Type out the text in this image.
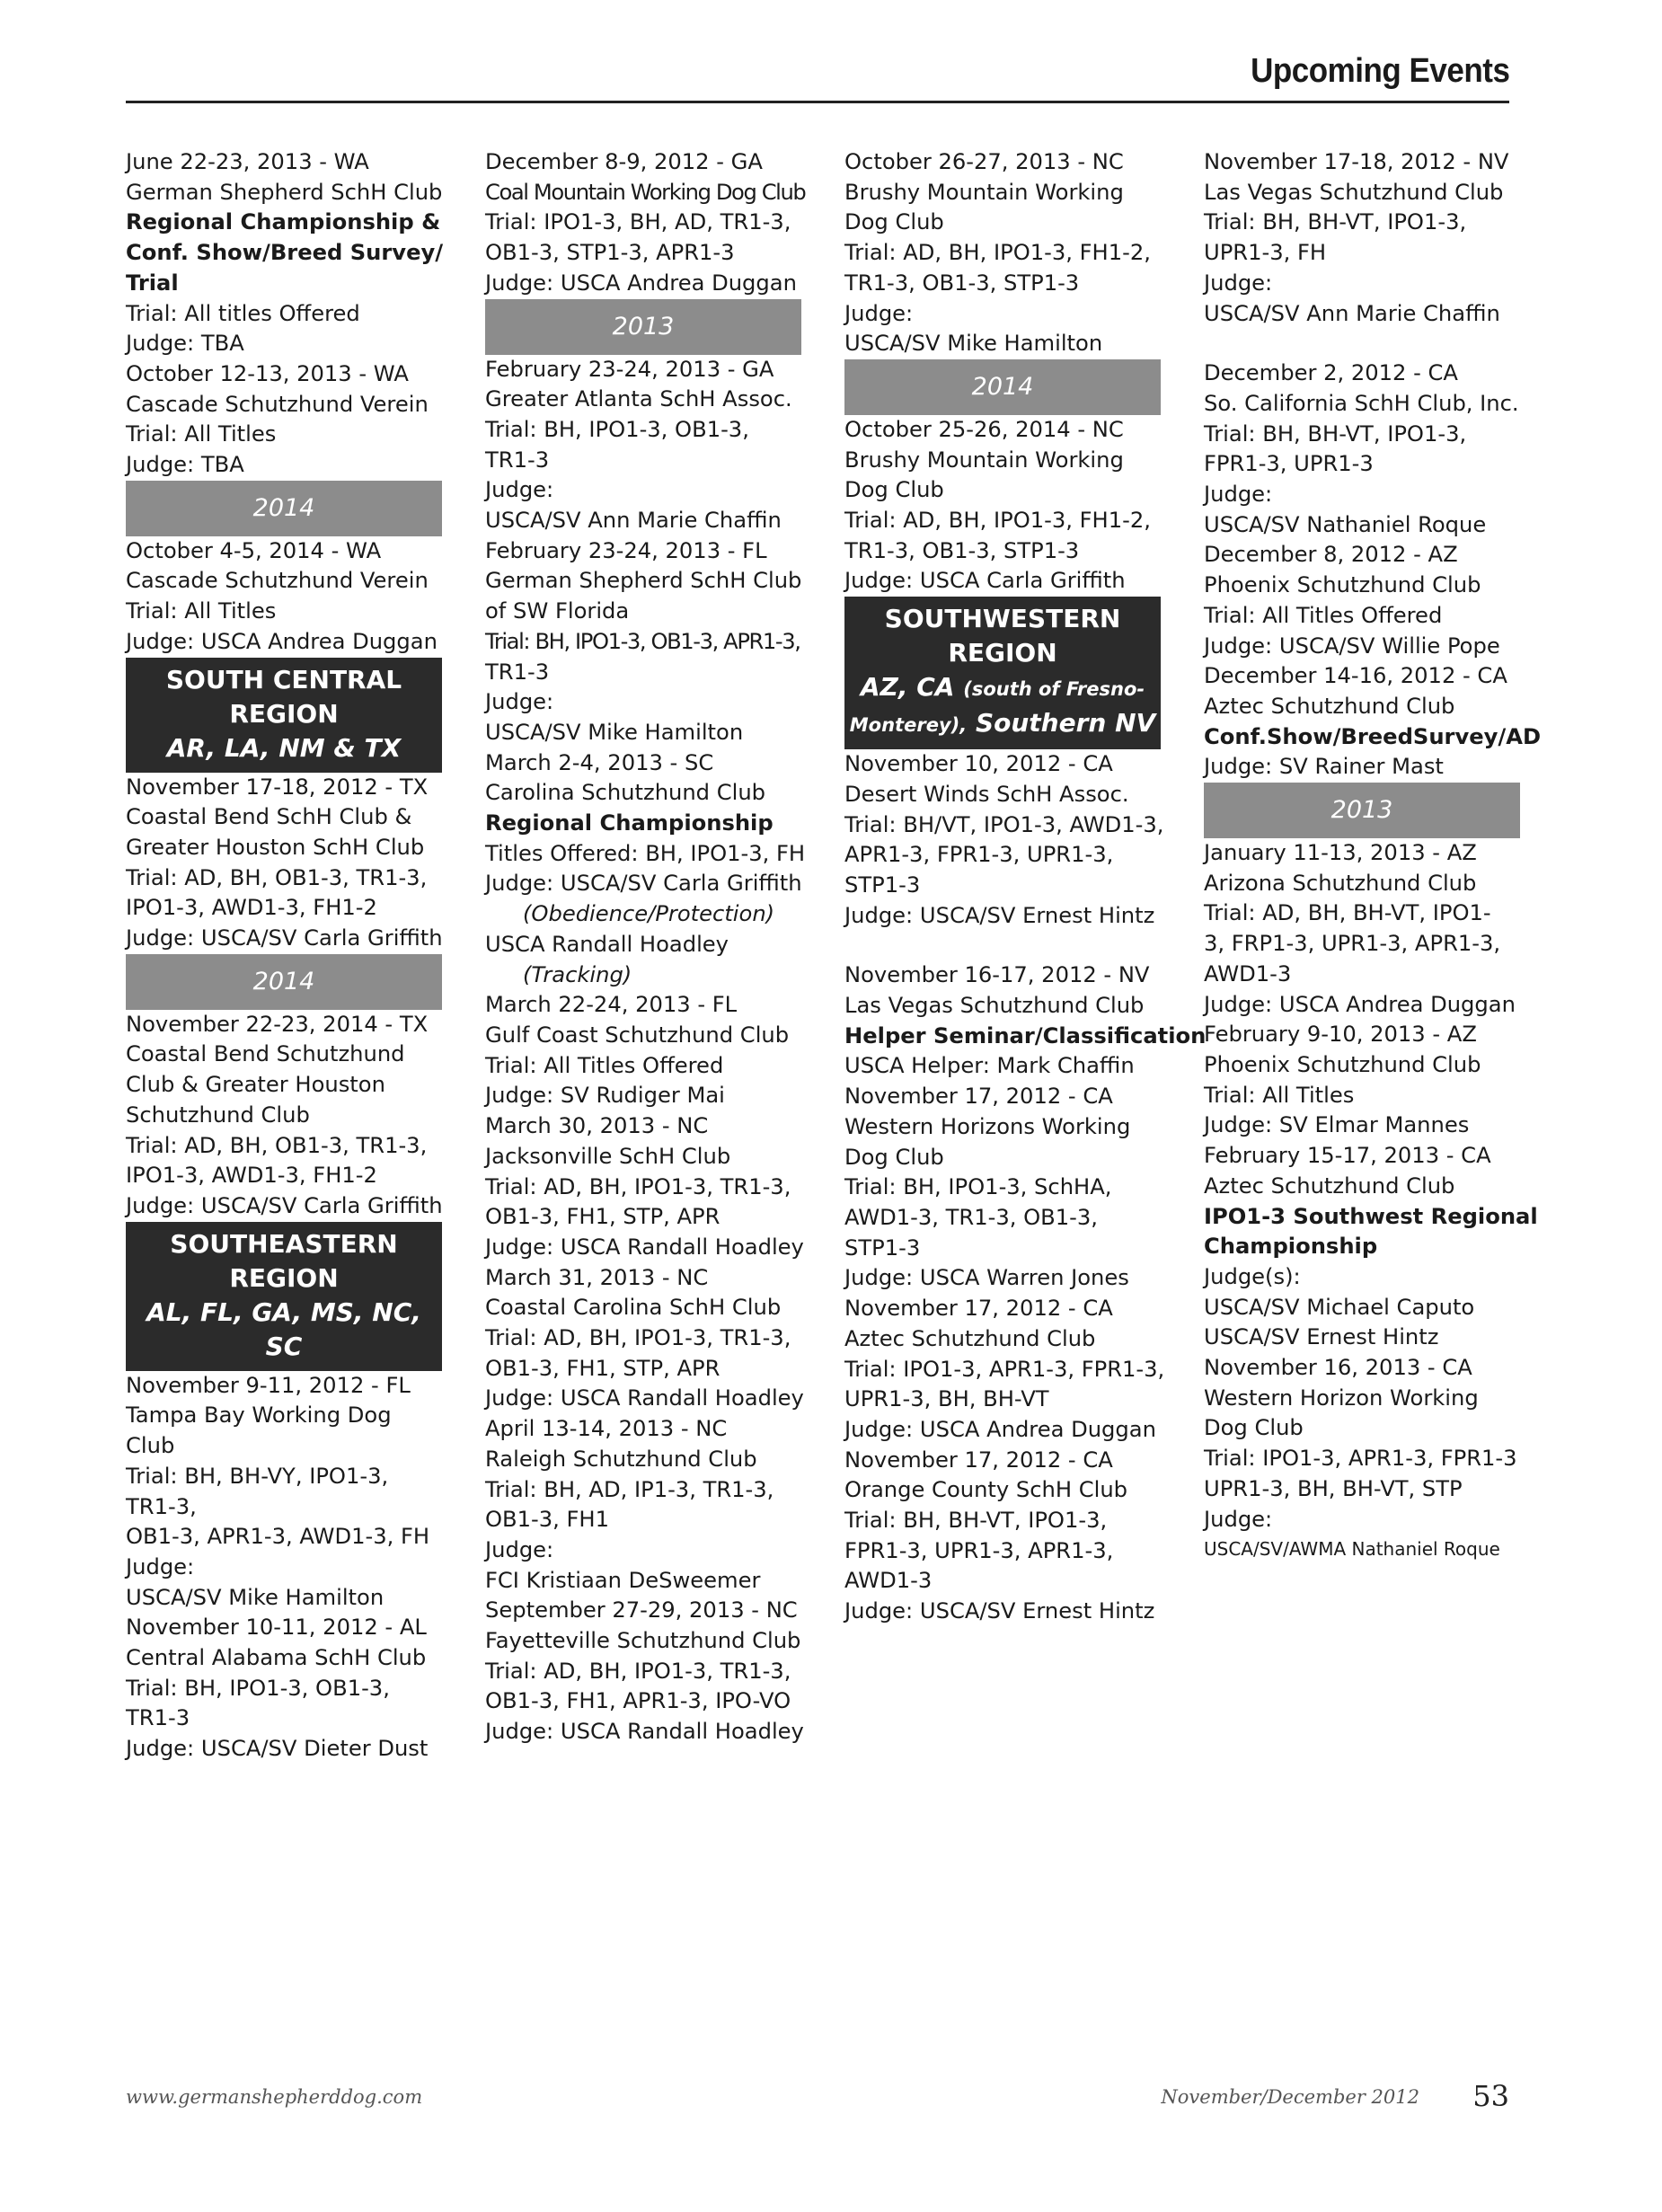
Upcoming Events
June 22-23, 2013 - WA
German Shepherd SchH Club
Regional Championship &
Conf. Show/Breed Survey/
Trial
Trial: All titles Offered
Judge: TBA
October 12-13, 2013 - WA
Cascade Schutzhund Verein
Trial: All Titles
Judge: TBA
2014
October 4-5, 2014 - WA
Cascade Schutzhund Verein
Trial: All Titles
Judge: USCA Andrea Duggan
SOUTH CENTRAL
REGION
AR, LA, NM & TX
November 17-18, 2012 - TX
Coastal Bend SchH Club &
Greater Houston SchH Club
Trial: AD, BH, OB1-3, TR1-3,
IPO1-3, AWD1-3, FH1-2
Judge: USCA/SV Carla Griffith
2014
November 22-23, 2014 - TX
Coastal Bend Schutzhund
Club & Greater Houston
Schutzhund Club
Trial: AD, BH, OB1-3, TR1-3,
IPO1-3, AWD1-3, FH1-2
Judge: USCA/SV Carla Griffith
SOUTHEASTERN
REGION
AL, FL, GA, MS, NC, SC
November 9-11, 2012 - FL
Tampa Bay Working Dog
Club
Trial: BH, BH-VY, IPO1-3,
TR1-3,
OB1-3, APR1-3, AWD1-3, FH
Judge:
USCA/SV Mike Hamilton
November 10-11, 2012 - AL
Central Alabama SchH Club
Trial: BH, IPO1-3, OB1-3,
TR1-3
Judge: USCA/SV Dieter Dust
December 8-9, 2012 - GA
Coal Mountain Working Dog Club
Trial: IPO1-3, BH, AD, TR1-3,
OB1-3, STP1-3, APR1-3
Judge: USCA Andrea Duggan
2013
February 23-24, 2013 - GA
Greater Atlanta SchH Assoc.
Trial: BH, IPO1-3, OB1-3,
TR1-3
Judge:
USCA/SV Ann Marie Chaffin
February 23-24, 2013 - FL
German Shepherd SchH Club
of SW Florida
Trial: BH, IPO1-3, OB1-3, APR1-3,
TR1-3
Judge:
USCA/SV Mike Hamilton
March 2-4, 2013 - SC
Carolina Schutzhund Club
Regional Championship
Titles Offered: BH, IPO1-3, FH
Judge: USCA/SV Carla Griffith
(Obedience/Protection)
USCA Randall Hoadley
(Tracking)
March 22-24, 2013 - FL
Gulf Coast Schutzhund Club
Trial: All Titles Offered
Judge: SV Rudiger Mai
March 30, 2013 - NC
Jacksonville SchH Club
Trial: AD, BH, IPO1-3, TR1-3,
OB1-3, FH1, STP, APR
Judge: USCA Randall Hoadley
March 31, 2013 - NC
Coastal Carolina SchH Club
Trial: AD, BH, IPO1-3, TR1-3,
OB1-3, FH1, STP, APR
Judge: USCA Randall Hoadley
April 13-14, 2013 - NC
Raleigh Schutzhund Club
Trial: BH, AD, IP1-3, TR1-3,
OB1-3, FH1
Judge:
FCI Kristiaan DeSweemer
September 27-29, 2013 - NC
Fayetteville Schutzhund Club
Trial: AD, BH, IPO1-3, TR1-3,
OB1-3, FH1, APR1-3, IPO-VO
Judge: USCA Randall Hoadley
October 26-27, 2013 - NC
Brushy Mountain Working
Dog Club
Trial: AD, BH, IPO1-3, FH1-2,
TR1-3, OB1-3, STP1-3
Judge:
USCA/SV Mike Hamilton
2014
October 25-26, 2014 - NC
Brushy Mountain Working
Dog Club
Trial: AD, BH, IPO1-3, FH1-2,
TR1-3, OB1-3, STP1-3
Judge: USCA Carla Griffith
SOUTHWESTERN
REGION
AZ, CA (south of Fresno-
Monterey), Southern NV
November 10, 2012 - CA
Desert Winds SchH Assoc.
Trial: BH/VT, IPO1-3, AWD1-3,
APR1-3, FPR1-3, UPR1-3,
STP1-3
Judge: USCA/SV Ernest Hintz
November 16-17, 2012 - NV
Las Vegas Schutzhund Club
Helper Seminar/Classification
USCA Helper: Mark Chaffin
November 17, 2012 - CA
Western Horizons Working
Dog Club
Trial: BH, IPO1-3, SchHA,
AWD1-3, TR1-3, OB1-3,
STP1-3
Judge: USCA Warren Jones
November 17, 2012 - CA
Aztec Schutzhund Club
Trial: IPO1-3, APR1-3, FPR1-3,
UPR1-3, BH, BH-VT
Judge: USCA Andrea Duggan
November 17, 2012 - CA
Orange County SchH Club
Trial: BH, BH-VT, IPO1-3,
FPR1-3, UPR1-3, APR1-3,
AWD1-3
Judge: USCA/SV Ernest Hintz
November 17-18, 2012 - NV
Las Vegas Schutzhund Club
Trial: BH, BH-VT, IPO1-3,
UPR1-3, FH
Judge:
USCA/SV Ann Marie Chaffin
December 2, 2012 - CA
So. California SchH Club, Inc.
Trial: BH, BH-VT, IPO1-3,
FPR1-3, UPR1-3
Judge:
USCA/SV Nathaniel Roque
December 8, 2012 - AZ
Phoenix Schutzhund Club
Trial: All Titles Offered
Judge: USCA/SV Willie Pope
December 14-16, 2012 - CA
Aztec Schutzhund Club
Conf.Show/BreedSurvey/AD
Judge: SV Rainer Mast
2013
January 11-13, 2013 - AZ
Arizona Schutzhund Club
Trial: AD, BH, BH-VT, IPO1-
3, FRP1-3, UPR1-3, APR1-3,
AWD1-3
Judge: USCA Andrea Duggan
February 9-10, 2013 - AZ
Phoenix Schutzhund Club
Trial: All Titles
Judge: SV Elmar Mannes
February 15-17, 2013 - CA
Aztec Schutzhund Club
IPO1-3 Southwest Regional
Championship
Judge(s):
USCA/SV Michael Caputo
USCA/SV Ernest Hintz
November 16, 2013 - CA
Western Horizon Working
Dog Club
Trial: IPO1-3, APR1-3, FPR1-3
UPR1-3, BH, BH-VT, STP
Judge:
USCA/SV/AWMA Nathaniel Roque
www.germanshepherddog.com	November/December 2012 53
